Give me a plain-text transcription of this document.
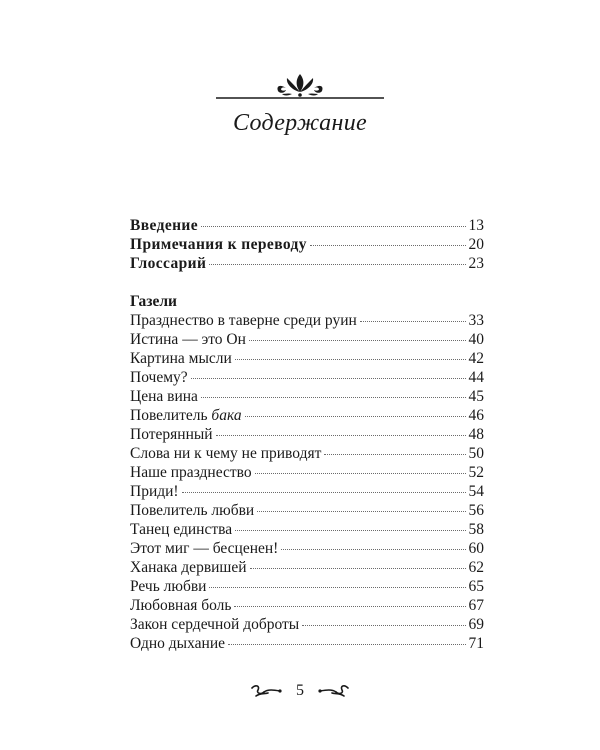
Содержание
Введение	13
Примечания к переводу	20
Глоссарий	23
Газели
Празднество в таверне среди руин	33
Истина — это Он	40
Картина мысли	42
Почему?	44
Цена вина	45
Повелитель бака	46
Потерянный	48
Слова ни к чему не приводят	50
Наше празднество	52
Приди!	54
Повелитель любви	56
Танец единства	58
Этот миг — бесценен!	60
Ханака дервишей	62
Речь любви	65
Любовная боль	67
Закон сердечной доброты	69
Одно дыхание	71
5
